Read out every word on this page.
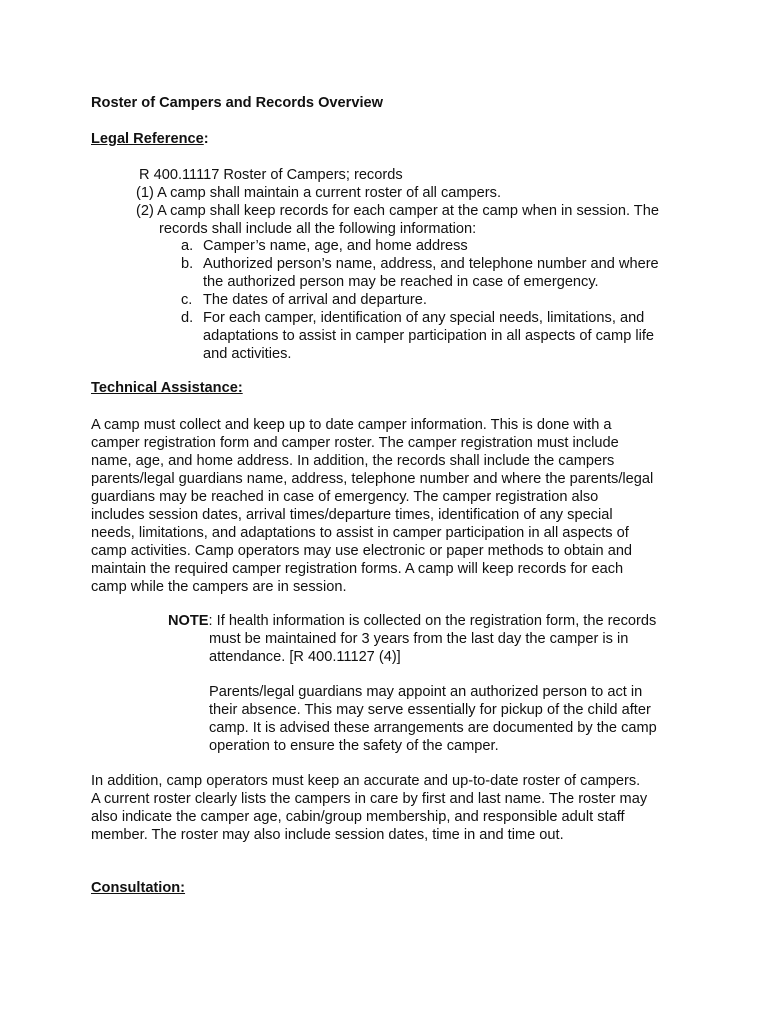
Roster of Campers and Records Overview
Legal Reference:
R 400.11117 Roster of Campers; records
(1) A camp shall maintain a current roster of all campers.
(2) A camp shall keep records for each camper at the camp when in session. The
records shall include all the following information:
a. Camper’s name, age, and home address
b. Authorized person’s name, address, and telephone number and where
the authorized person may be reached in case of emergency.
c. The dates of arrival and departure.
d. For each camper, identification of any special needs, limitations, and
adaptations to assist in camper participation in all aspects of camp life
and activities.
Technical Assistance:
A camp must collect and keep up to date camper information. This is done with a
camper registration form and camper roster. The camper registration must include
name, age, and home address. In addition, the records shall include the campers
parents/legal guardians name, address, telephone number and where the parents/legal
guardians may be reached in case of emergency. The camper registration also
includes session dates, arrival times/departure times, identification of any special
needs, limitations, and adaptations to assist in camper participation in all aspects of
camp activities. Camp operators may use electronic or paper methods to obtain and
maintain the required camper registration forms. A camp will keep records for each
camp while the campers are in session.
NOTE: If health information is collected on the registration form, the records
must be maintained for 3 years from the last day the camper is in
attendance. [R 400.11127 (4)]
Parents/legal guardians may appoint an authorized person to act in
their absence. This may serve essentially for pickup of the child after
camp. It is advised these arrangements are documented by the camp
operation to ensure the safety of the camper.
In addition, camp operators must keep an accurate and up-to-date roster of campers.
A current roster clearly lists the campers in care by first and last name. The roster may
also indicate the camper age, cabin/group membership, and responsible adult staff
member. The roster may also include session dates, time in and time out.
Consultation:
